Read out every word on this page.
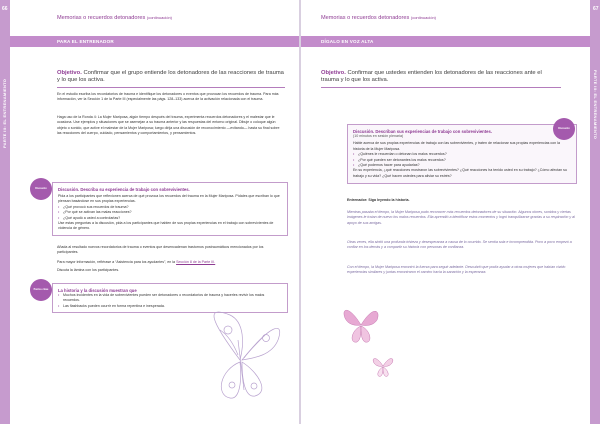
66
PARTE III: EL ENTRENAMIENTO
Memorias o recuerdos detonadores (continuación)
PARA EL ENTRENADOR
Objetivo. Confirmar que el grupo entiende los detonadores de las reacciones de trauma y lo que los activa.
En el estudio escriba los recordatorios de trauma e identifique los detonadores o eventos que provocan los recuerdos de trauma. Para más información, ver la Sección 1 de la Parte III (especialmente las págs. 128–133) acerca de la activación relacionada con el trauma.
Haga uso de la Ronda 4: La Mujer Mariposa, algún tiempo después del trauma, experimenta recuerdos detonadores y el malestar que le ocasiona. Use ejemplos y situaciones que se asemejan a su trauma anterior y las respuestas del entorno original. Dibuje o coloque algún objeto o sonido, que active el malestar de la Mujer Mariposa; luego dirija una discusión de reconocimiento —evitando— hasta su final sobre las reacciones del cuerpo, cuidado, pensamientos y comportamientos, y pensamientos.
Discusión. Describa su experiencia de trabajo con sobrevivientes.
Pida a los participantes que reflexionen acerca de qué provoca los recuerdos del trauma en la Mujer Mariposa. Pídales que escriban lo que piensan basándose en sus propias experiencias.
• ¿Qué provocó sus recuerdos de trauma?
• ¿Por qué se activan las malas reacciones?
• ¿Qué ayudó a usted a controlarlas?
Use estas preguntas a la discusión, pida a los participantes que hablen de sus propias experiencias en el trabajo con sobrevivientes de violencia de género.
Discusión
Añada al resultado nuevos recordatorios de trauma o eventos que desencadenan trastornos postraumáticos mencionados por los participantes.
Para mayor información, refiérase a “Asistencia para los ayudantes”, en la Sección 8 de la Parte III.
Discuta la lámina con los participantes.
La historia y la discusión muestran que
• Muchos incidentes en la vida de sobrevivientes pueden ser detonadores o recordatorios de trauma y hacerles revivir los malos recuerdos.
• Las flashbacks pueden ocurrir en forma repentina e inesperada.
Puntos clave
Memorias o recuerdos detonadores (continuación)
DÍGALO EN VOZ ALTA
Objetivo. Confirmar que ustedes entienden los detonadores de las reacciones ante el trauma y lo que los activa.
Discusión. Describan sus experiencias de trabajo con sobrevivientes.
(10 minutos en sesión plenaria)
Hable acerca de sus propias experiencias de trabajo con las sobrevivientes, y traten de relacionar sus propias experiencias con la historia de la Mujer Mariposa.
• ¿Quiénes le recuerdan o detonan los malos recuerdos?
• ¿Por qué pueden ser detonantes los malos recuerdos?
• ¿Qué podemos hacer para ayudarlas?
En su experiencia, ¿qué reacciones mostraron las sobrevivientes? ¿Qué reacciones ha tenido usted en su trabajo? ¿Cómo afectan su trabajo y su vida? ¿Qué hacen ustedes para aliviar su estrés?
Discusión
Entrenador: Siga leyendo la historia.
Mientras pasaba el tiempo, la Mujer Mariposa pudo reconocer más recuerdos detonadores de su situación. Algunos olores, sonidos y ciertas imágenes le traían de nuevo los malos recuerdos. Ella aprendió a identificar estos momentos y logró tranquilizarse gracias a su respiración y al apoyo de sus amigas.
Otras veces, ella sintió una profunda tristeza y desesperanza a causa de lo ocurrido. Se sentía sola e incomprendida. Poco a poco empezó a confiar en los demás y a compartir su historia con personas de confianza.
Con el tiempo, la Mujer Mariposa encontró la fuerza para seguir adelante. Descubrió que podía ayudar a otras mujeres que habían vivido experiencias similares y juntas encontraron el camino hacia la sanación y la esperanza.
67
PARTE III: EL ENTRENAMIENTO
